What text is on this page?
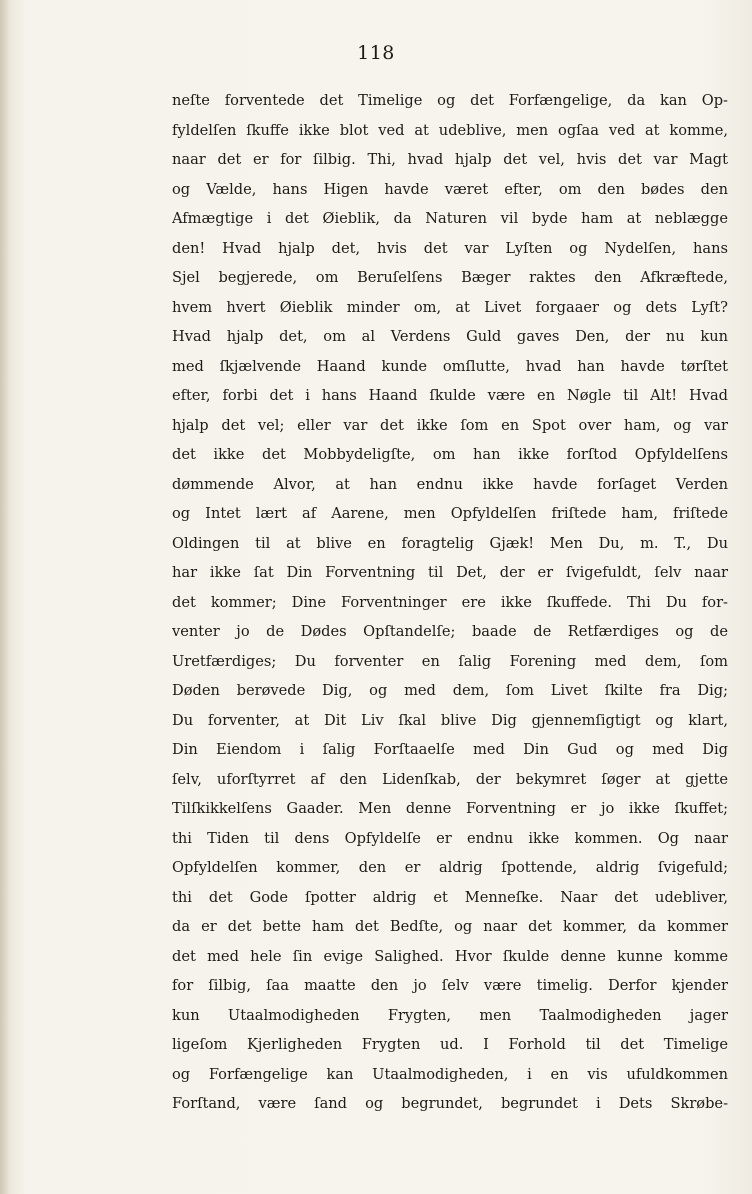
118
neſte forventede det Timelige og det Forfængelige, da kan Op-
fyldelſen ſkuffe ikke blot ved at udeblive, men ogſaa ved at komme,
naar det er for ſilbig. Thi, hvad hjalp det vel, hvis det var Magt
og Vælde, hans Higen havde været efter, om den bødes den
Afmægtige i det Øieblik, da Naturen vil byde ham at neblægge
den! Hvad hjalp det, hvis det var Lyſten og Nydelſen, hans
Sjel begjerede, om Beruſelſens Bæger raktes den Afkræftede,
hvem hvert Øieblik minder om, at Livet forgaaer og dets Lyſt?
Hvad hjalp det, om al Verdens Guld gaves Den, der nu kun
med ſkjælvende Haand kunde omſlutte, hvad han havde tørſtet
efter, forbi det i hans Haand ſkulde være en Nøgle til Alt! Hvad
hjalp det vel; eller var det ikke ſom en Spot over ham, og var
det ikke det Mobbydeligſte, om han ikke forſtod Opfyldelſens
dømmende Alvor, at han endnu ikke havde forſaget Verden
og Intet lært af Aarene, men Opfyldelſen friſtede ham, friſtede
Oldingen til at blive en foragtelig Gjæk! Men Du, m. T., Du
har ikke ſat Din Forventning til Det, der er ſvigefuldt, ſelv naar
det kommer; Dine Forventninger ere ikke ſkuffede. Thi Du for-
venter jo de Dødes Opſtandelſe; baade de Retfærdiges og de
Uretfærdiges; Du forventer en ſalig Forening med dem, ſom
Døden berøvede Dig, og med dem, ſom Livet ſkilte fra Dig;
Du forventer, at Dit Liv ſkal blive Dig gjennemſigtigt og klart,
Din Eiendom i ſalig Forſtaaelſe med Din Gud og med Dig
ſelv, uforſtyrret af den Lidenſkab, der bekymret ſøger at gjette
Tilſkikkelſens Gaader. Men denne Forventning er jo ikke ſkuffet;
thi Tiden til dens Opfyldelſe er endnu ikke kommen. Og naar
Opfyldelſen kommer, den er aldrig ſpottende, aldrig ſvigefuld;
thi det Gode ſpotter aldrig et Menneſke. Naar det udebliver,
da er det bette ham det Bedſte, og naar det kommer, da kommer
det med hele ſin evige Salighed. Hvor ſkulde denne kunne komme
for ſilbig, ſaa maatte den jo ſelv være timelig. Derfor kjender
kun Utaalmodigheden Frygten, men Taalmodigheden jager
ligeſom Kjerligheden Frygten ud. I Forhold til det Timelige
og Forfængelige kan Utaalmodigheden, i en vis ufuldkommen
Forſtand, være ſand og begrundet, begrundet i Dets Skrøbe-
